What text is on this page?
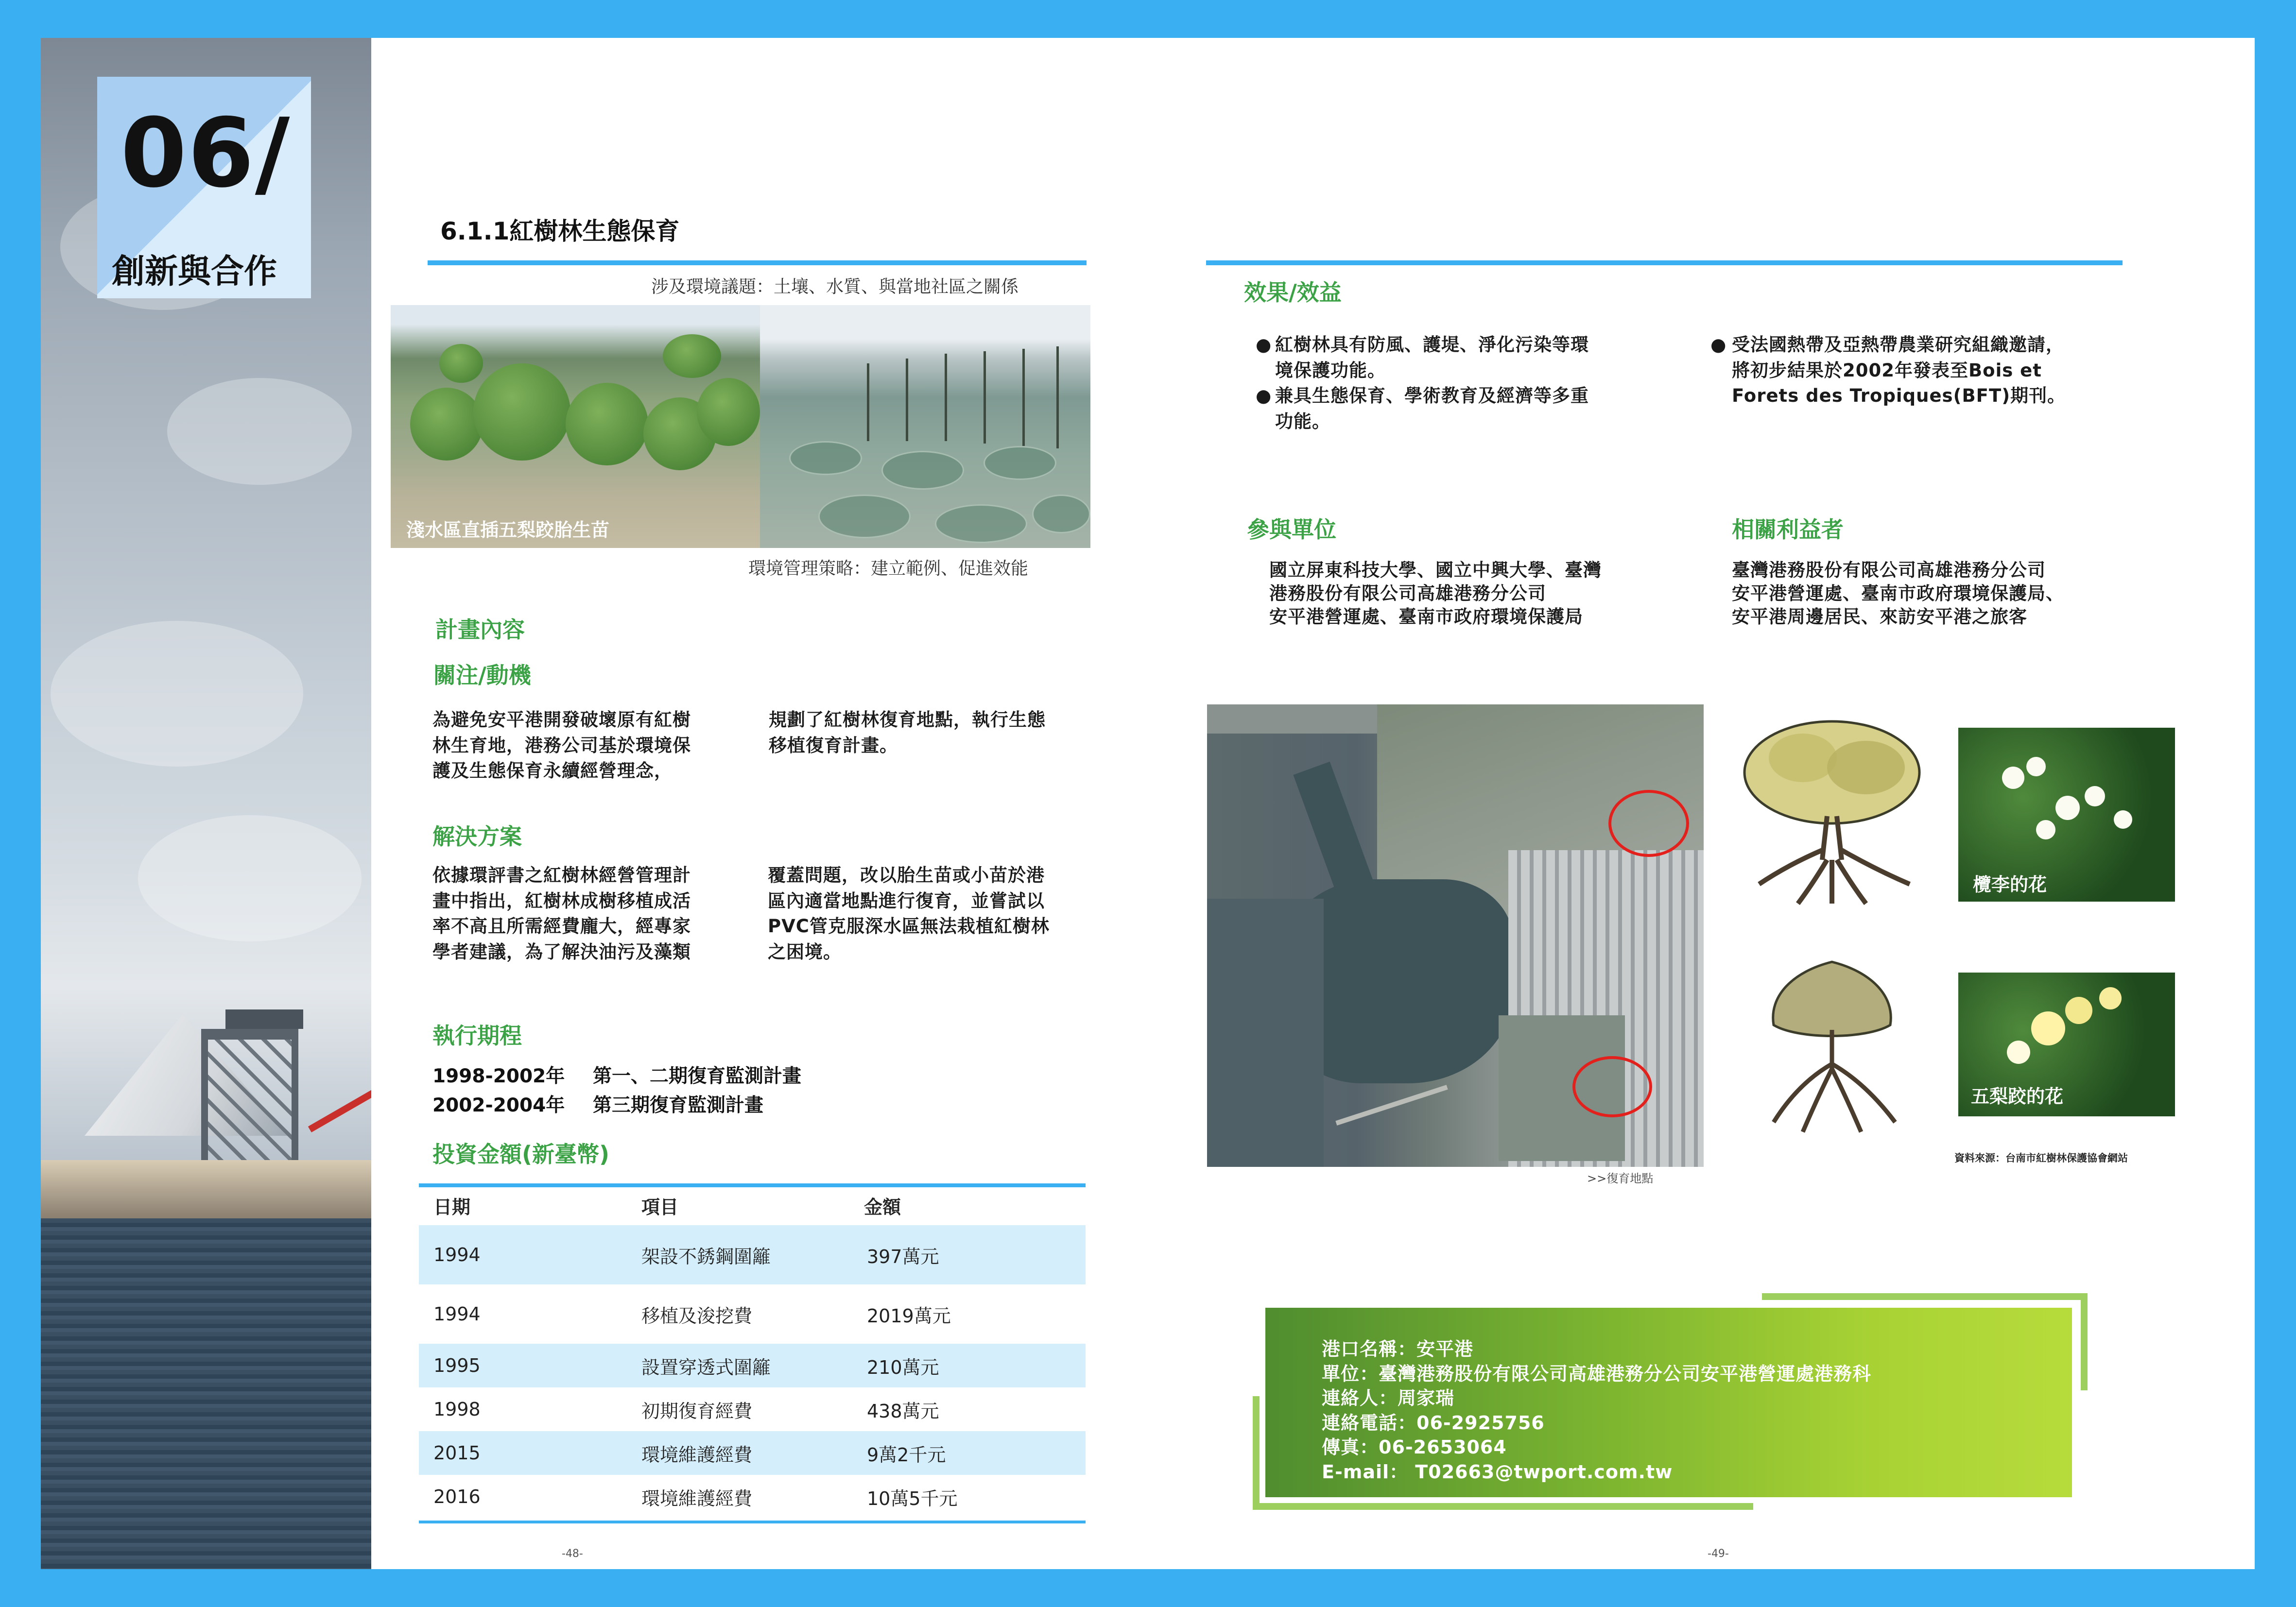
06/
創新與合作
6.1.1紅樹林生態保育
涉及環境議題：土壤、水質、與當地社區之關係
淺水區直插五梨跤胎生苗
環境管理策略：建立範例、促進效能
計畫內容
關注/動機
為避免安平港開發破壞原有紅樹
林生育地，港務公司基於環境保
護及生態保育永續經營理念，
規劃了紅樹林復育地點，執行生態
移植復育計畫。
解決方案
依據環評書之紅樹林經營管理計
畫中指出，紅樹林成樹移植成活
率不高且所需經費龐大，經專家
學者建議，為了解決油污及藻類
覆蓋問題，改以胎生苗或小苗於港
區內適當地點進行復育，並嘗試以
PVC管克服深水區無法栽植紅樹林
之困境。
執行期程
1998-2002年	第一、二期復育監測計畫
2002-2004年	第三期復育監測計畫
投資金額(新臺幣)
日期	項目	金額
1994	架設不銹鋼圍籬	397萬元
1994	移植及浚挖費	2019萬元
1995	設置穿透式圍籬	210萬元
1998	初期復育經費	438萬元
2015	環境維護經費	9萬2千元
2016	環境維護經費	10萬5千元
-48-
效果/效益
● 紅樹林具有防風、護堤、淨化污染等環
境保護功能。
● 兼具生態保育、學術教育及經濟等多重
功能。
● 受法國熱帶及亞熱帶農業研究組織邀請，
將初步結果於2002年發表至Bois et
Forets des Tropiques(BFT)期刊。
參與單位
國立屏東科技大學、國立中興大學、臺灣
港務股份有限公司高雄港務分公司
安平港營運處、臺南市政府環境保護局
相關利益者
臺灣港務股份有限公司高雄港務分公司
安平港營運處、臺南市政府環境保護局、
安平港周邊居民、來訪安平港之旅客
>>復育地點
欖李的花
五梨跤的花
資料來源：台南市紅樹林保護協會網站
港口名稱：安平港
單位：臺灣港務股份有限公司高雄港務分公司安平港營運處港務科
連絡人：周家瑞
連絡電話：06-2925756
傳真：06-2653064
E-mail： T02663@twport.com.tw
-49-
